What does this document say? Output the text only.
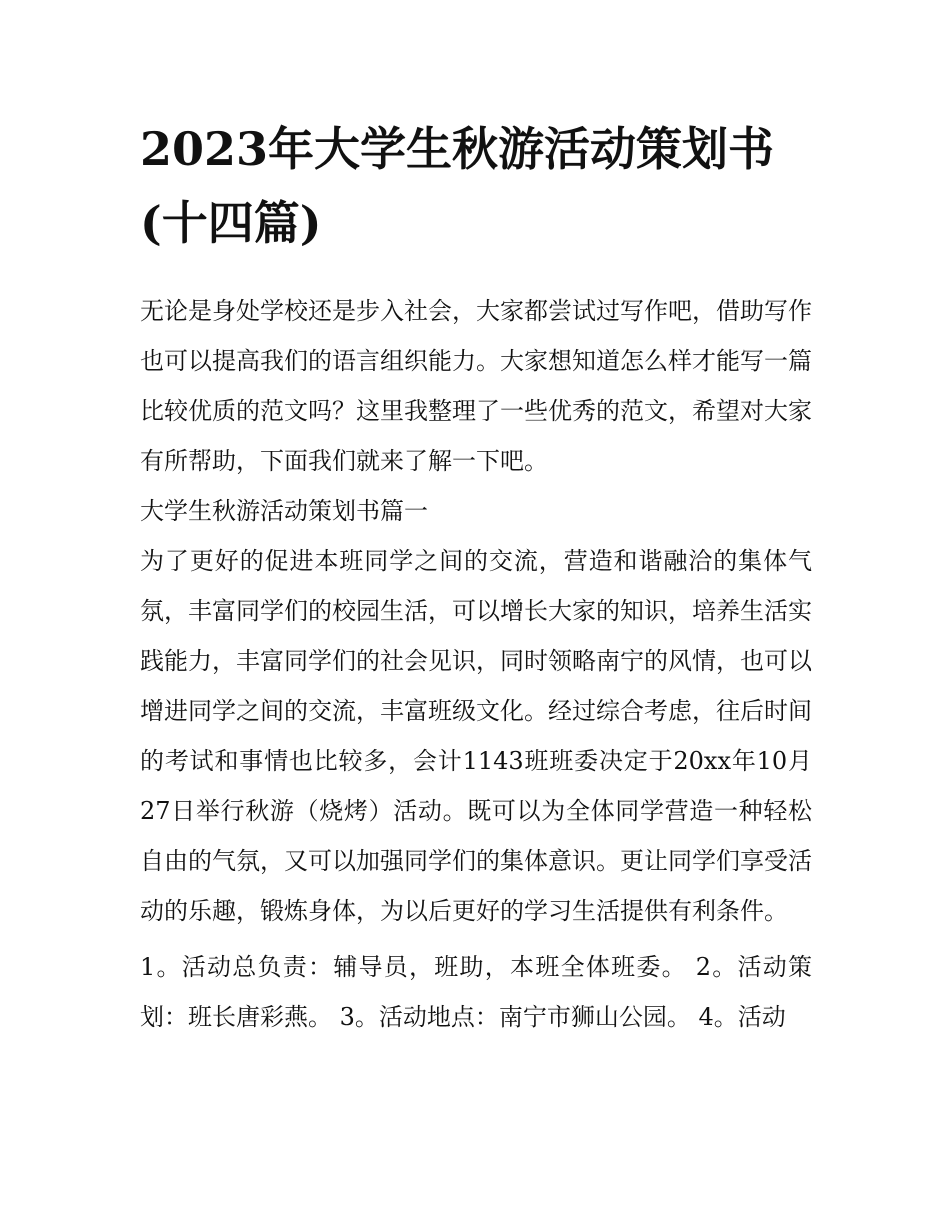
2023年大学生秋游活动策划书(十四篇)

无论是身处学校还是步入社会，大家都尝试过写作吧，借助写作也可以提高我们的语言组织能力。大家想知道怎么样才能写一篇比较优质的范文吗？这里我整理了一些优秀的范文，希望对大家有所帮助，下面我们就来了解一下吧。

大学生秋游活动策划书篇一

为了更好的促进本班同学之间的交流，营造和谐融洽的集体气氛，丰富同学们的校园生活，可以增长大家的知识，培养生活实践能力，丰富同学们的社会见识，同时领略南宁的风情，也可以增进同学之间的交流，丰富班级文化。经过综合考虑，往后时间的考试和事情也比较多，会计1143班班委决定于20xx年10月27日举行秋游（烧烤）活动。既可以为全体同学营造一种轻松自由的气氛，又可以加强同学们的集体意识。更让同学们享受活动的乐趣，锻炼身体，为以后更好的学习生活提供有利条件。

1。活动总负责：辅导员，班助，本班全体班委。 2。活动策划：班长唐彩燕。 3。活动地点：南宁市狮山公园。 4。活动
